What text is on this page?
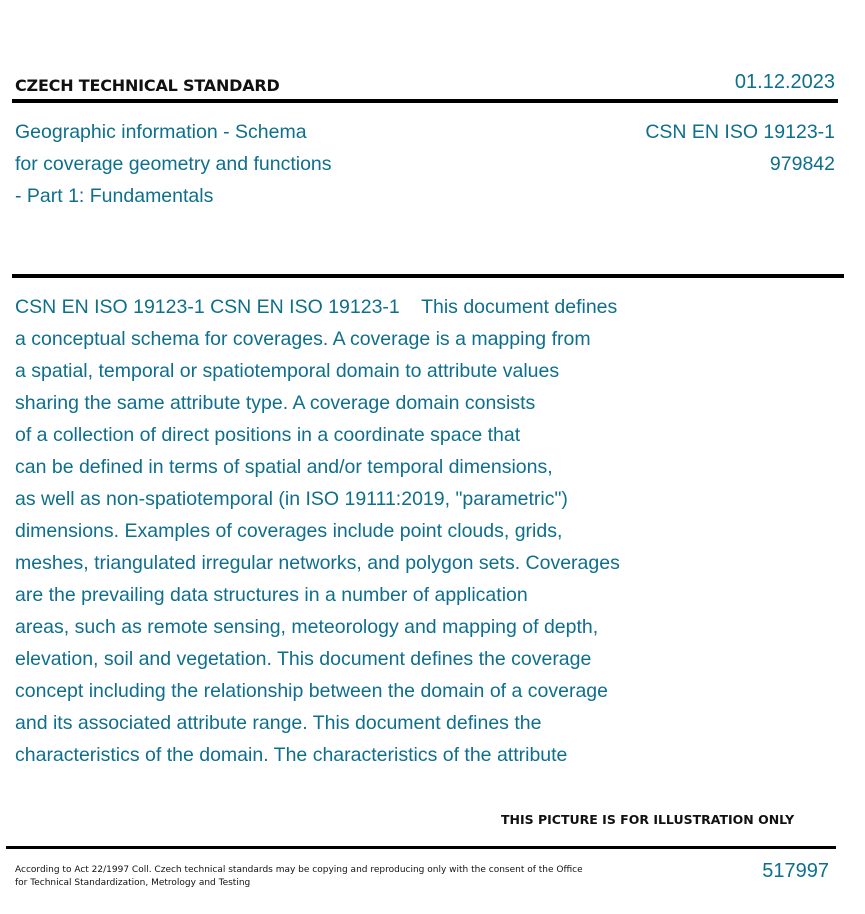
CZECH TECHNICAL STANDARD	01.12.2023
Geographic information - Schema
for coverage geometry and functions
- Part 1: Fundamentals
CSN EN ISO 19123-1
979842
CSN EN ISO 19123-1 CSN EN ISO 19123-1    This document defines
a conceptual schema for coverages. A coverage is a mapping from
a spatial, temporal or spatiotemporal domain to attribute values
sharing the same attribute type. A coverage domain consists
of a collection of direct positions in a coordinate space that
can be defined in terms of spatial and/or temporal dimensions,
as well as non-spatiotemporal (in ISO 19111:2019, "parametric")
dimensions. Examples of coverages include point clouds, grids,
meshes, triangulated irregular networks, and polygon sets. Coverages
are the prevailing data structures in a number of application
areas, such as remote sensing, meteorology and mapping of depth,
elevation, soil and vegetation. This document defines the coverage
concept including the relationship between the domain of a coverage
and its associated attribute range. This document defines the
characteristics of the domain. The characteristics of the attribute
THIS PICTURE IS FOR ILLUSTRATION ONLY
According to Act 22/1997 Coll. Czech technical standards may be copying and reproducing only with the consent of the Office
for Technical Standardization, Metrology and Testing
517997
